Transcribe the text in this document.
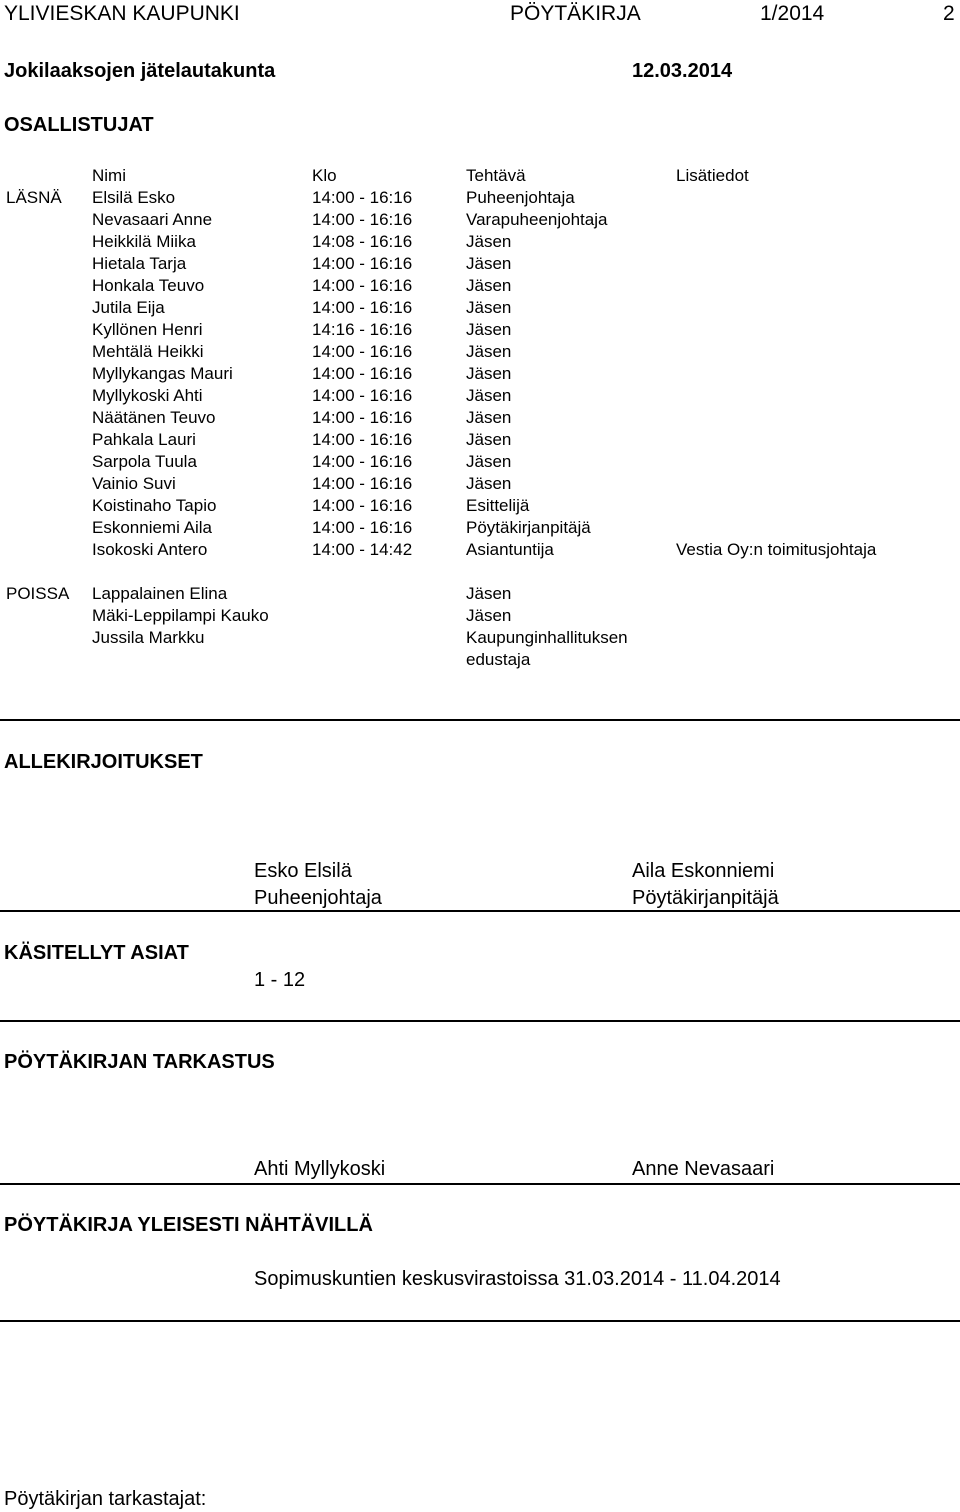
YLIVIESKAN KAUPUNKI	PÖYTÄKIRJA	1/2014	2
Jokilaaksojen jätelautakunta	12.03.2014
OSALLISTUJAT
Nimi	Klo	Tehtävä	Lisätiedot
LÄSNÄ Elsilä Esko	14:00 - 16:16	Puheenjohtaja
Nevasaari Anne	14:00 - 16:16	Varapuheenjohtaja
Heikkilä Miika	14:08 - 16:16	Jäsen
Hietala Tarja	14:00 - 16:16	Jäsen
Honkala Teuvo	14:00 - 16:16	Jäsen
Jutila Eija	14:00 - 16:16	Jäsen
Kyllönen Henri	14:16 - 16:16	Jäsen
Mehtälä Heikki	14:00 - 16:16	Jäsen
Myllykangas Mauri	14:00 - 16:16	Jäsen
Myllykoski Ahti	14:00 - 16:16	Jäsen
Näätänen Teuvo	14:00 - 16:16	Jäsen
Pahkala Lauri	14:00 - 16:16	Jäsen
Sarpola Tuula	14:00 - 16:16	Jäsen
Vainio Suvi	14:00 - 16:16	Jäsen
Koistinaho Tapio	14:00 - 16:16	Esittelijä
Eskonniemi Aila	14:00 - 16:16	Pöytäkirjanpitäjä
Isokoski Antero	14:00 - 14:42	Asiantuntija	Vestia Oy:n toimitusjohtaja
POISSA Lappalainen Elina	Jäsen
Mäki-Leppilampi Kauko	Jäsen
Jussila Markku	Kaupunginhallituksen
edustaja
ALLEKIRJOITUKSET
Esko Elsilä
Puheenjohtaja
Aila Eskonniemi
Pöytäkirjanpitäjä
KÄSITELLYT ASIAT
1 - 12
PÖYTÄKIRJAN TARKASTUS
Ahti Myllykoski	Anne Nevasaari
PÖYTÄKIRJA YLEISESTI NÄHTÄVILLÄ
Sopimuskuntien keskusvirastoissa 31.03.2014 - 11.04.2014
Pöytäkirjan tarkastajat:
